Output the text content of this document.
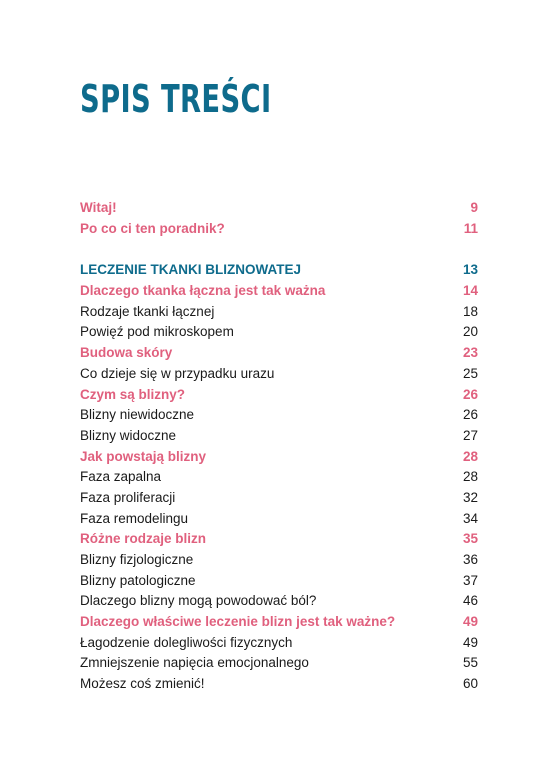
SPIS TREŚCI
Witaj!	9
Po co ci ten poradnik?	11
LECZENIE TKANKI BLIZNOWATEJ	13
Dlaczego tkanka łączna jest tak ważna	14
Rodzaje tkanki łącznej	18
Powięź pod mikroskopem	20
Budowa skóry	23
Co dzieje się w przypadku urazu	25
Czym są blizny?	26
Blizny niewidoczne	26
Blizny widoczne	27
Jak powstają blizny	28
Faza zapalna	28
Faza proliferacji	32
Faza remodelingu	34
Różne rodzaje blizn	35
Blizny fizjologiczne	36
Blizny patologiczne	37
Dlaczego blizny mogą powodować ból?	46
Dlaczego właściwe leczenie blizn jest tak ważne?	49
Łagodzenie dolegliwości fizycznych	49
Zmniejszenie napięcia emocjonalnego	55
Możesz coś zmienić!	60
